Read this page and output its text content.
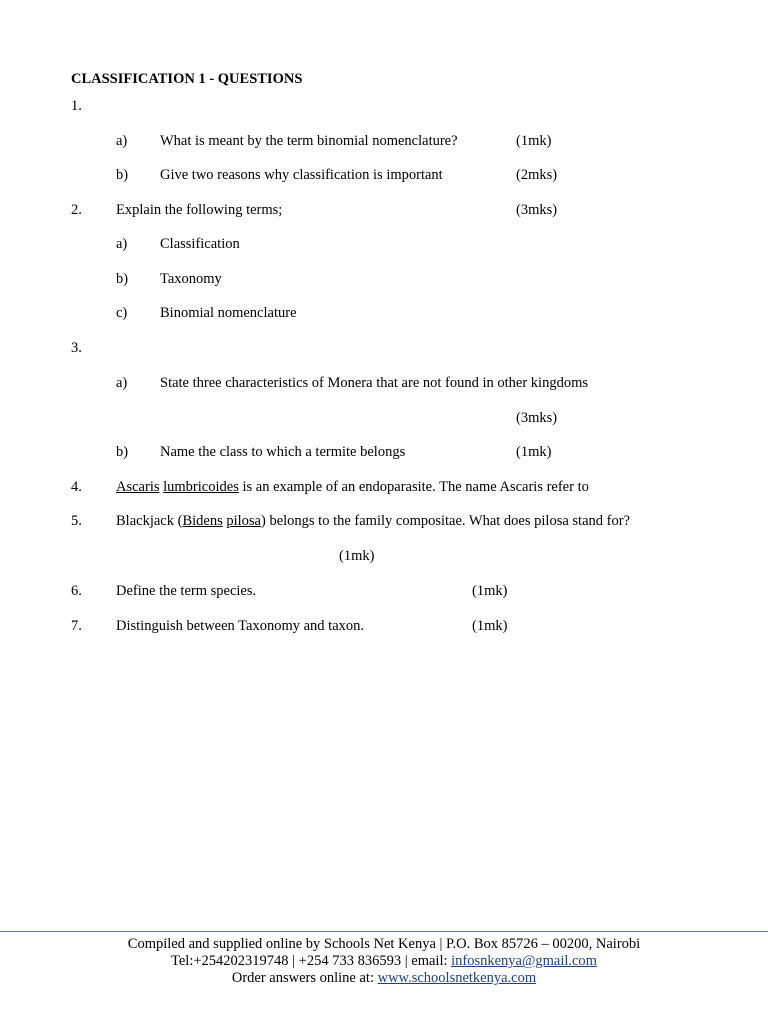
CLASSIFICATION 1 - QUESTIONS
1.
a) What is meant by the term binomial nomenclature?	(1mk)
b) Give two reasons why classification is important	(2mks)
2. Explain the following terms;	(3mks)
a) Classification
b) Taxonomy
c) Binomial nomenclature
3.
a) State three characteristics of Monera that are not found in other kingdoms
(3mks)
b) Name the class to which a termite belongs	(1mk)
4. Ascaris lumbricoides is an example of an endoparasite. The name Ascaris refer to
5. Blackjack (Bidens pilosa) belongs to the family compositae. What does pilosa stand for?
(1mk)
6. Define the term species.	(1mk)
7. Distinguish between Taxonomy and taxon.	(1mk)
Compiled and supplied online by Schools Net Kenya | P.O. Box 85726 – 00200, Nairobi
Tel:+254202319748 | +254 733 836593 | email: infosnkenya@gmail.com
Order answers online at: www.schoolsnetkenya.com
